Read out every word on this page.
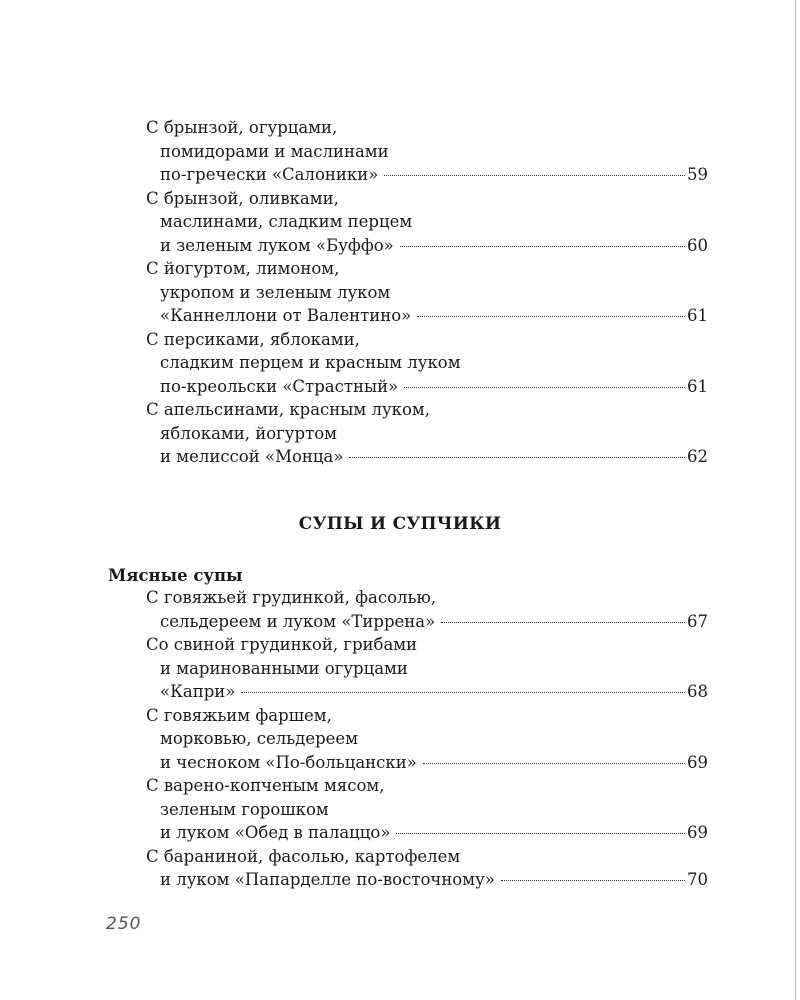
С брынзой, огурцами,
помидорами и маслинами
по-гречески «Салоники»	59
С брынзой, оливками,
маслинами, сладким перцем
и зеленым луком «Буффо»	60
С йогуртом, лимоном,
укропом и зеленым луком
«Каннеллони от Валентино»	61
С персиками, яблоками,
сладким перцем и красным луком
по-креольски «Страстный»	61
С апельсинами, красным луком,
яблоками, йогуртом
и мелиссой «Монца»	62
СУПЫ И СУПЧИКИ
Мясные супы
С говяжьей грудинкой, фасолью,
сельдереем и луком «Тиррена»	67
Со свиной грудинкой, грибами
и маринованными огурцами
«Капри»	68
С говяжьим фаршем,
морковью, сельдереем
и чесноком «По-больцански»	69
С варено-копченым мясом,
зеленым горошком
и луком «Обед в палаццо»	69
С бараниной, фасолью, картофелем
и луком «Папарделле по-восточному»	70
250
